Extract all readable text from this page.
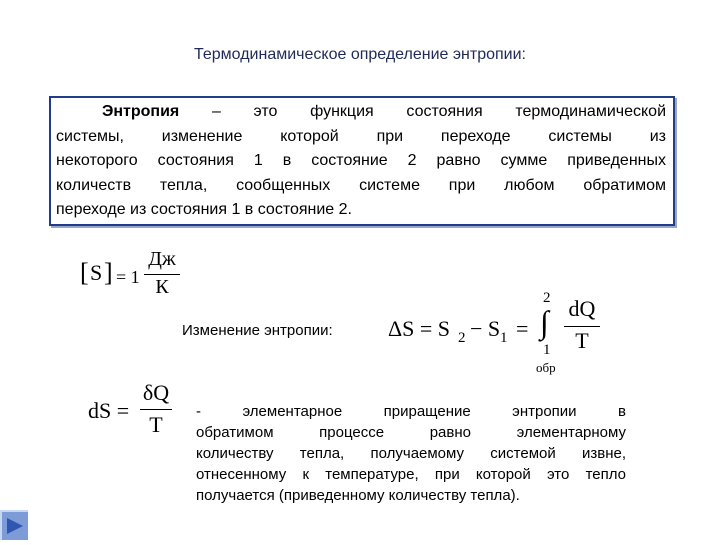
Термодинамическое определение энтропии:
Энтропия – это функция состояния термодинамической
системы, изменение которой при переходе системы из
некоторого состояния 1 в состояние 2 равно сумме приведенных
количеств тепла, сообщенных системе при любом обратимом
переходе из состояния 1 в состояние 2.
[ S ] = 1
Дж
К
Изменение энтропии:	ΔS = S 2 − S 1 =
2
∫
1
обр
dQ
T
dS =
δQ
T
- элементарное приращение энтропии в
обратимом процессе равно элементарному
количеству тепла, получаемому системой извне,
отнесенному к температуре, при которой это тепло
получается (приведенному количеству тепла).
